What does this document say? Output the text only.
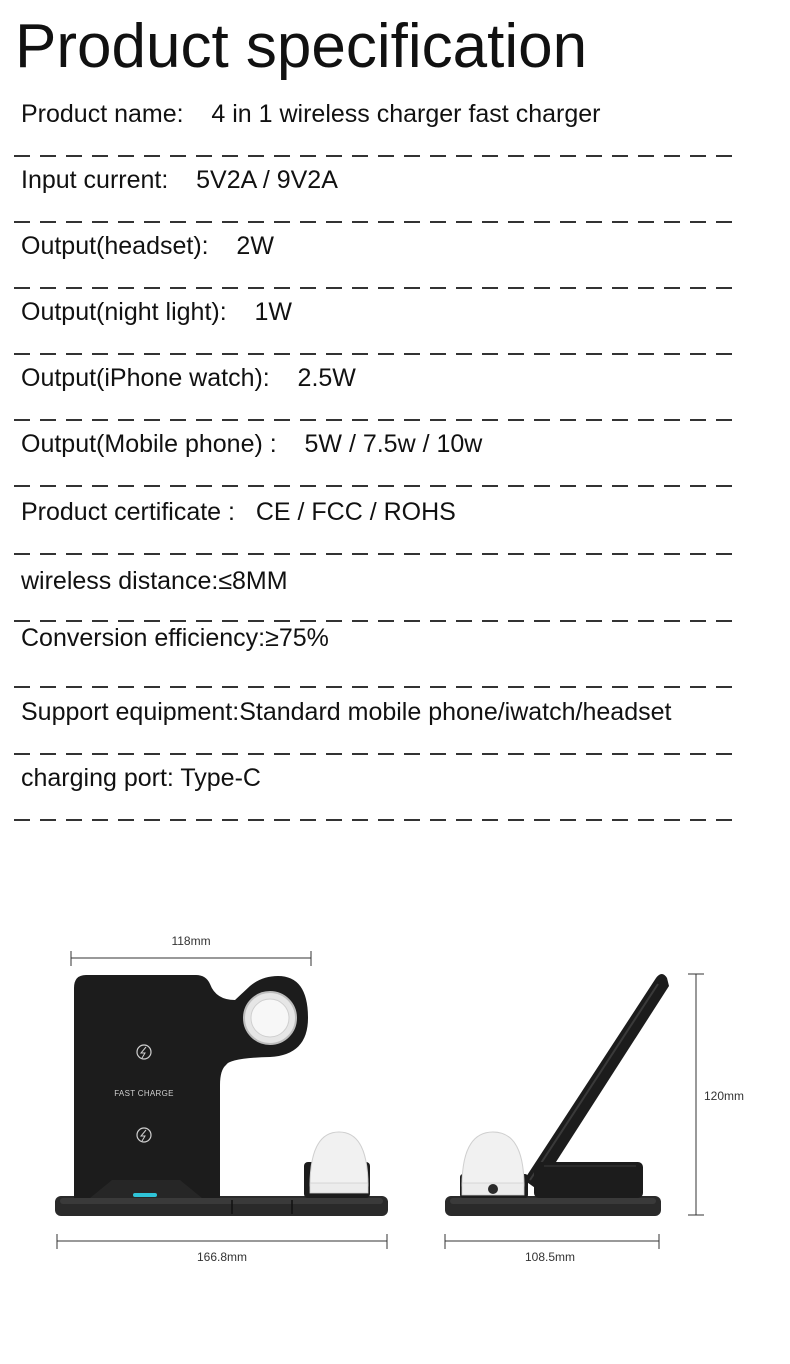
Product specification
Product name: 4 in 1 wireless charger fast charger
Input current: 5V2A / 9V2A
Output(headset): 2W
Output(night light): 1W
Output(iPhone watch): 2.5W
Output(Mobile phone) : 5W / 7.5w / 10w
Product certificate : CE / FCC / ROHS
wireless distance:≤8MM
Conversion efficiency:≥75%
Support equipment:Standard mobile phone/iwatch/headset
charging port: Type-C
118mm
FAST CHARGE
166.8mm	108.5mm
120mm
